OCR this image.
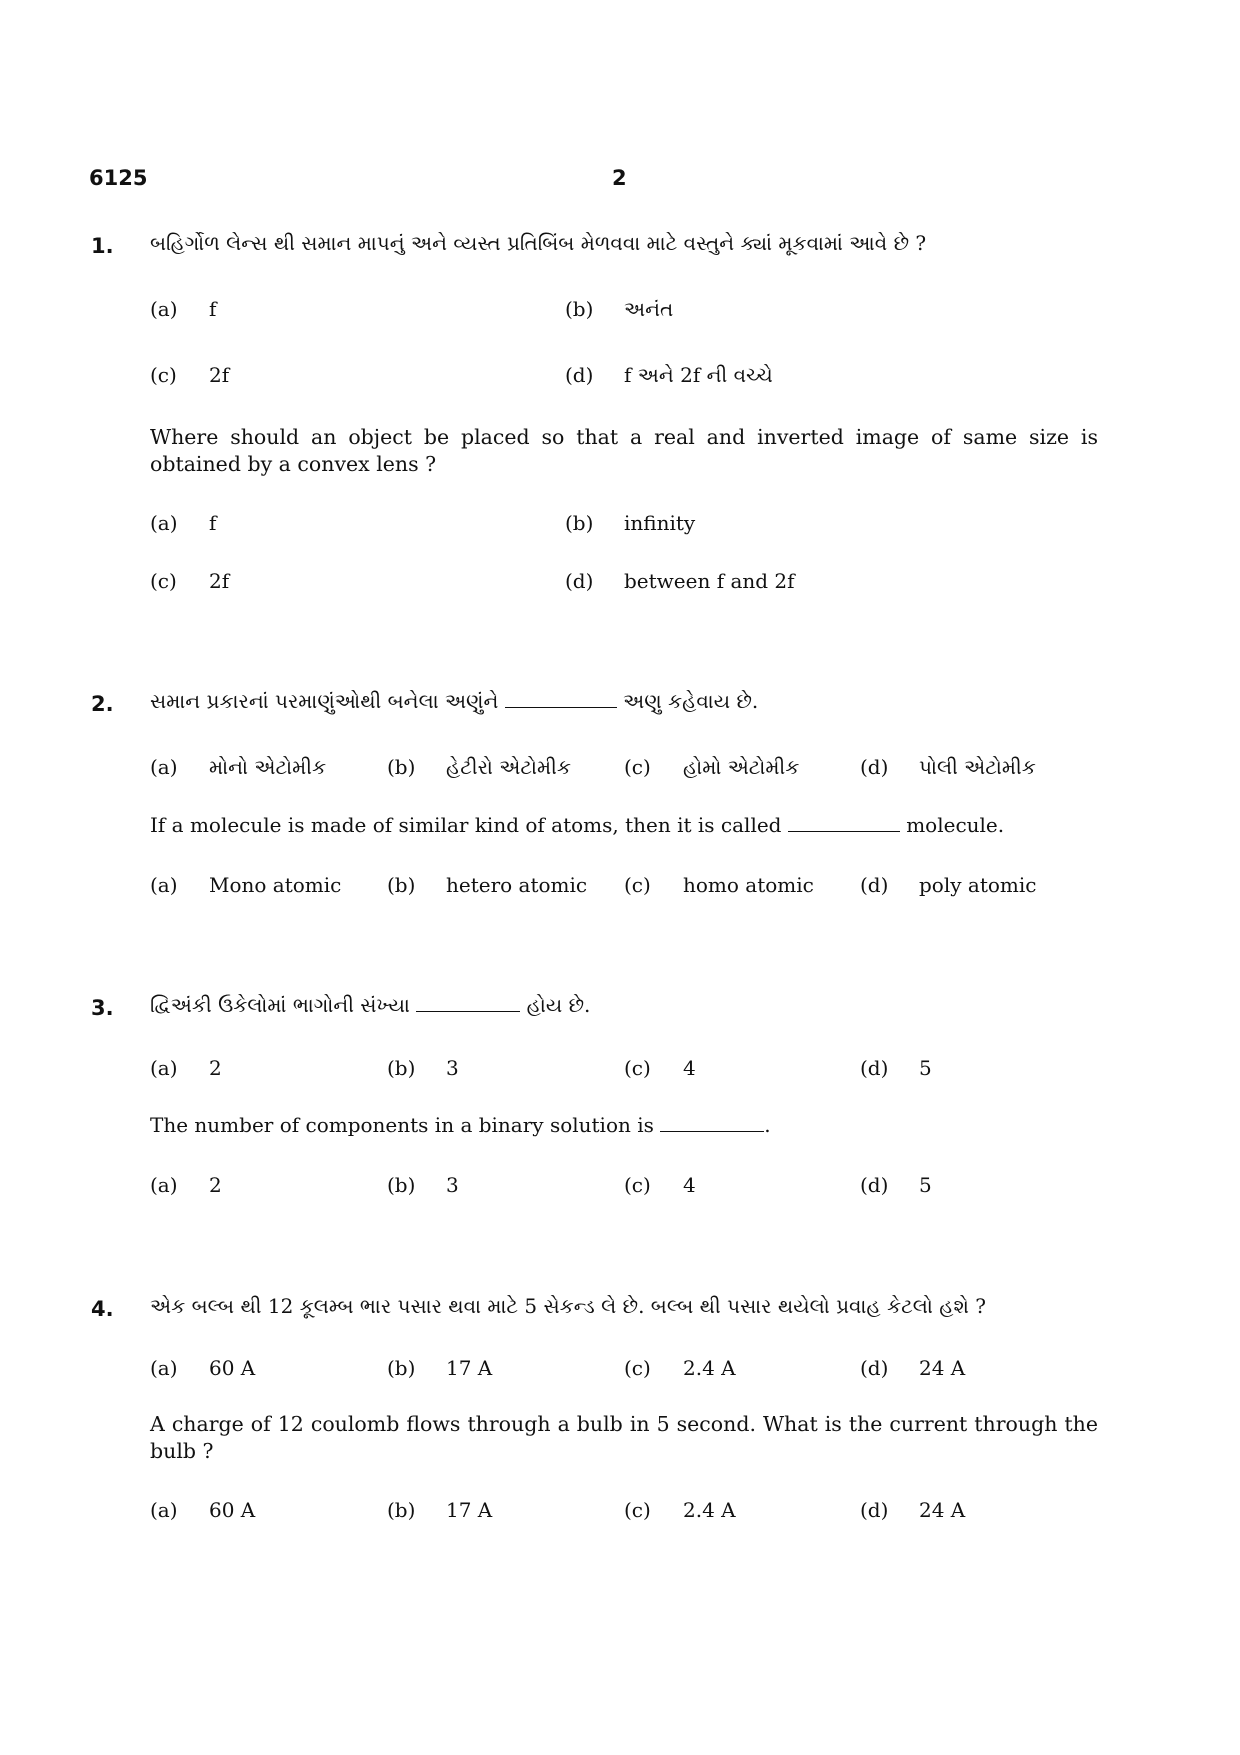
6125	2
1. બહિર્ગોળ લેન્સ થી સમાન માપનું અને વ્યસ્ત પ્રતિબિંબ મેળવવા માટે વસ્તુને ક્યાં મૂકવામાં આવે છે ?
(a) f	(b) અનંત
(c) 2f	(d) f અને 2f ની વચ્ચે
Where should an object be placed so that a real and inverted image of same size is obtained by a convex lens ?
(a) f	(b) infinity
(c) 2f	(d) between f and 2f
2. સમાન પ્રકારનાં પરમાણુંઓથી બનેલા અણુંને	અણુ કહેવાય છે.
(a) મોનો એટોમીક	(b) હેટીરો એટોમીક	(c) હોમો એટોમીક	(d) પોલી એટોમીક
If a molecule is made of similar kind of atoms, then it is called	molecule.
(a) Mono atomic (b) hetero atomic (c) homo atomic (d) poly atomic
3. દ્વિઅંકી ઉકેલોમાં ભાગોની સંખ્યા	હોય છે.
(a) 2	(b) 3	(c) 4	(d) 5
The number of components in a binary solution is	.
(a) 2	(b) 3	(c) 4	(d) 5
4. એક બલ્બ થી 12 કૂલમ્બ ભાર પસાર થવા માટે 5 સેકન્ડ લે છે. બલ્બ થી પસાર થયેલો પ્રવાહ કેટલો હશે ?
(a) 60 A	(b) 17 A	(c) 2.4 A	(d) 24 A
A charge of 12 coulomb flows through a bulb in 5 second. What is the current through the bulb ?
(a) 60 A	(b) 17 A	(c) 2.4 A	(d) 24 A
